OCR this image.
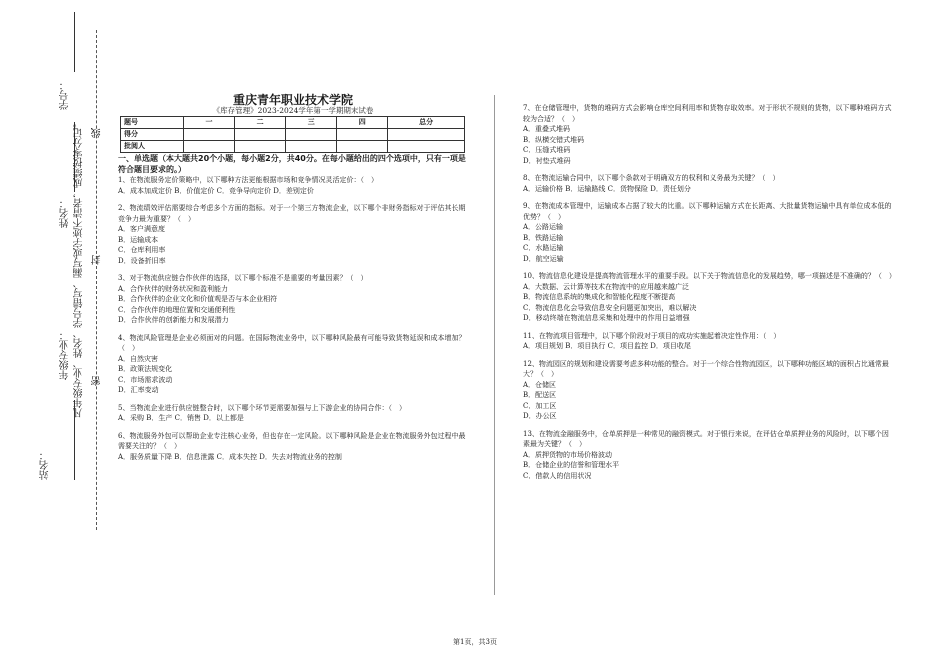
学号：
线
姓名：
封
年级专业： 凡年级专业、姓名、学号错写、漏写或字迹不清者，成绩按零分记。 密
站名：

重庆青年职业技术学院

《库存管理》2023-2024学年第一学期期末试卷

题号	一	二	三	四	总分
得分					
批阅人					

一、单选题（本大题共20个小题，每小题2分，共40分。在每小题给出的四个选项中，只有一项是符合题目要求的。）

1、在物流服务定价策略中，以下哪种方法更能根据市场和竞争情况灵活定价：（　）

A．成本加成定价 B．价值定价 C．竞争导向定价 D．差别定价

2、物流绩效评估需要综合考虑多个方面的指标。对于一个第三方物流企业，以下哪个非财务指标对于评估其长期竞争力最为重要？（　）

A．客户满意度

B．运输成本

C．仓库利用率

D．设备折旧率

3、对于物流供应链合作伙伴的选择，以下哪个标准不是重要的考量因素？（　）

A．合作伙伴的财务状况和盈利能力

B．合作伙伴的企业文化和价值观是否与本企业相符

C．合作伙伴的地理位置和交通便利性

D．合作伙伴的创新能力和发展潜力

4、物流风险管理是企业必须面对的问题。在国际物流业务中，以下哪种风险最有可能导致货物延误和成本增加？（　）

A．自然灾害

B．政策法规变化

C．市场需求波动

D．汇率变动

5、当物流企业进行供应链整合时，以下哪个环节更需要加强与上下游企业的协同合作：（　）

A．采购 B．生产 C．销售 D．以上都是

6、物流服务外包可以帮助企业专注核心业务，但也存在一定风险。以下哪种风险是企业在物流服务外包过程中最需要关注的？（　）

A．服务质量下降 B．信息泄露 C．成本失控 D．失去对物流业务的控制

7、在仓储管理中，货物的堆码方式会影响仓库空间利用率和货物存取效率。对于形状不规则的货物，以下哪种堆码方式较为合适？（　）

A．重叠式堆码

B．纵横交错式堆码

C．压缝式堆码

D．衬垫式堆码

8、在物流运输合同中，以下哪个条款对于明确双方的权利和义务最为关键？（　）

A．运输价格 B．运输路线 C．货物保险 D．责任划分

9、在物流成本管理中，运输成本占据了较大的比重。以下哪种运输方式在长距离、大批量货物运输中具有单位成本低的优势？（　）

A．公路运输

B．铁路运输

C．水路运输

D．航空运输

10、物流信息化建设是提高物流管理水平的重要手段。以下关于物流信息化的发展趋势，哪一项描述是不准确的？（　）

A．大数据、云计算等技术在物流中的应用越来越广泛

B．物流信息系统的集成化和智能化程度不断提高

C．物流信息化会导致信息安全问题更加突出，难以解决

D．移动终端在物流信息采集和处理中的作用日益增强

11、在物流项目管理中，以下哪个阶段对于项目的成功实施起着决定性作用：（　）

A．项目规划 B．项目执行 C．项目监控 D．项目收尾

12、物流园区的规划和建设需要考虑多种功能的整合。对于一个综合性物流园区，以下哪种功能区域的面积占比通常最大？（　）

A．仓储区

B．配送区

C．加工区

D．办公区

13、在物流金融服务中，仓单质押是一种常见的融资模式。对于银行来说，在评估仓单质押业务的风险时，以下哪个因素最为关键？（　）

A．质押货物的市场价格波动

B．仓储企业的信誉和管理水平

C．借款人的信用状况

第1页，共3页
